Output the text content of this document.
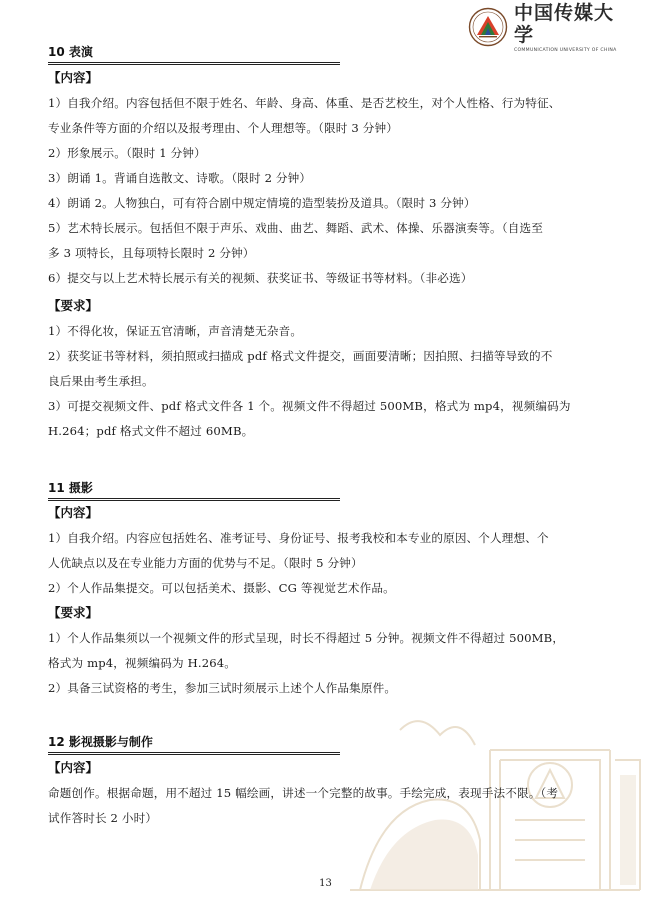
中国传媒大学
COMMUNICATION UNIVERSITY OF CHINA
10 表演
【内容】
1）自我介绍。内容包括但不限于姓名、年龄、身高、体重、是否艺校生，对个人性格、行为特征、
专业条件等方面的介绍以及报考理由、个人理想等。（限时 3 分钟）
2）形象展示。（限时 1 分钟）
3）朗诵 1。背诵自选散文、诗歌。（限时 2 分钟）
4）朗诵 2。人物独白，可有符合剧中规定情境的造型装扮及道具。（限时 3 分钟）
5）艺术特长展示。包括但不限于声乐、戏曲、曲艺、舞蹈、武术、体操、乐器演奏等。（自选至
多 3 项特长，且每项特长限时 2 分钟）
6）提交与以上艺术特长展示有关的视频、获奖证书、等级证书等材料。（非必选）
【要求】
1）不得化妆，保证五官清晰，声音清楚无杂音。
2）获奖证书等材料，须拍照或扫描成 pdf 格式文件提交，画面要清晰；因拍照、扫描等导致的不
良后果由考生承担。
3）可提交视频文件、pdf 格式文件各 1 个。视频文件不得超过 500MB，格式为 mp4，视频编码为
H.264；pdf 格式文件不超过 60MB。
11 摄影
【内容】
1）自我介绍。内容应包括姓名、准考证号、身份证号、报考我校和本专业的原因、个人理想、个
人优缺点以及在专业能力方面的优势与不足。（限时 5 分钟）
2）个人作品集提交。可以包括美术、摄影、CG 等视觉艺术作品。
【要求】
1）个人作品集须以一个视频文件的形式呈现，时长不得超过 5 分钟。视频文件不得超过 500MB，
格式为 mp4，视频编码为 H.264。
2）具备三试资格的考生，参加三试时须展示上述个人作品集原件。
12 影视摄影与制作
【内容】
命题创作。根据命题，用不超过 15 幅绘画，讲述一个完整的故事。手绘完成，表现手法不限。（考
试作答时长 2 小时）
13
